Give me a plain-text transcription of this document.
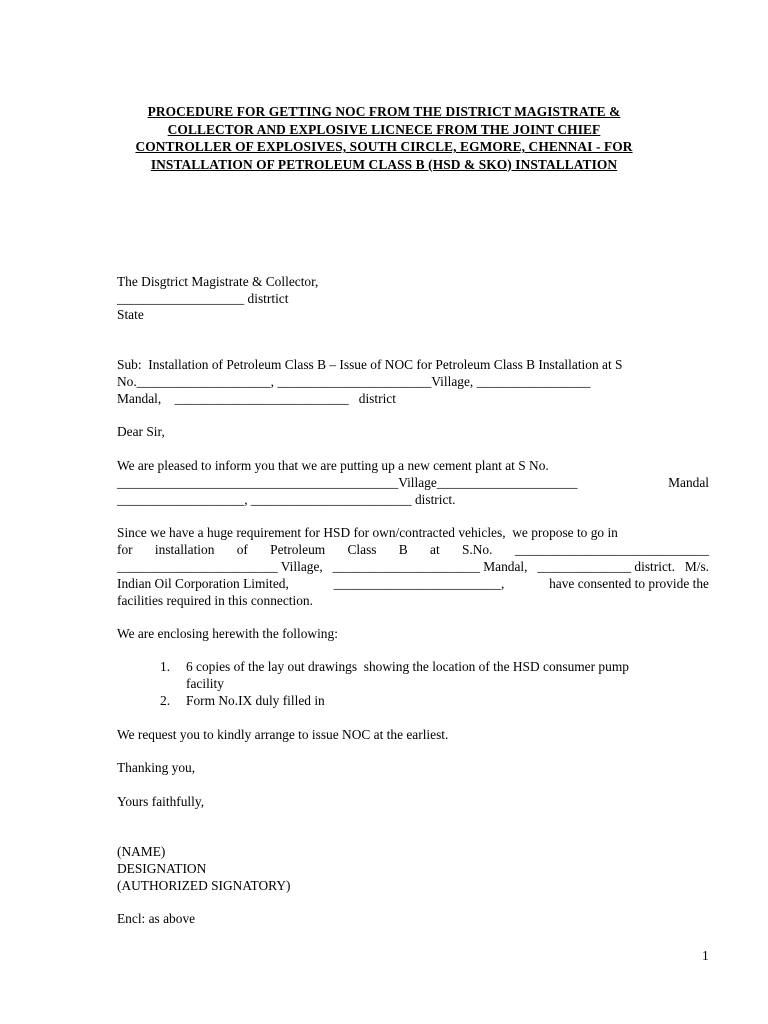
PROCEDURE FOR GETTING NOC FROM THE DISTRICT MAGISTRATE &
COLLECTOR AND EXPLOSIVE LICNECE FROM THE JOINT CHIEF
CONTROLLER OF EXPLOSIVES, SOUTH CIRCLE, EGMORE, CHENNAI - FOR
INSTALLATION OF PETROLEUM CLASS B (HSD & SKO) INSTALLATION
The Disgtrict Magistrate & Collector,
___________________ distrtict
State
Sub:  Installation of Petroleum Class B – Issue of NOC for Petroleum Class B Installation at S
No.____________________, _______________________Village, _________________
Mandal,    __________________________   district
Dear Sir,
We are pleased to inform you that we are putting up a new cement plant at S No.
__________________________________________Village_____________________	Mandal
___________________, ________________________ district.
Since we have a huge requirement for HSD for own/contracted vehicles,  we propose to go in
for installation of Petroleum Class B at S.No. _____________________________
________________________ Village, ______________________ Mandal, ______________ district. M/s.
Indian Oil Corporation Limited,	_________________________,	have consented to provide the
facilities required in this connection.
We are enclosing herewith the following:
1. 6 copies of the lay out drawings  showing the location of the HSD consumer pump
facility
2. Form No.IX duly filled in
We request you to kindly arrange to issue NOC at the earliest.
Thanking you,
Yours faithfully,
(NAME)
DESIGNATION
(AUTHORIZED SIGNATORY)
Encl: as above
1
